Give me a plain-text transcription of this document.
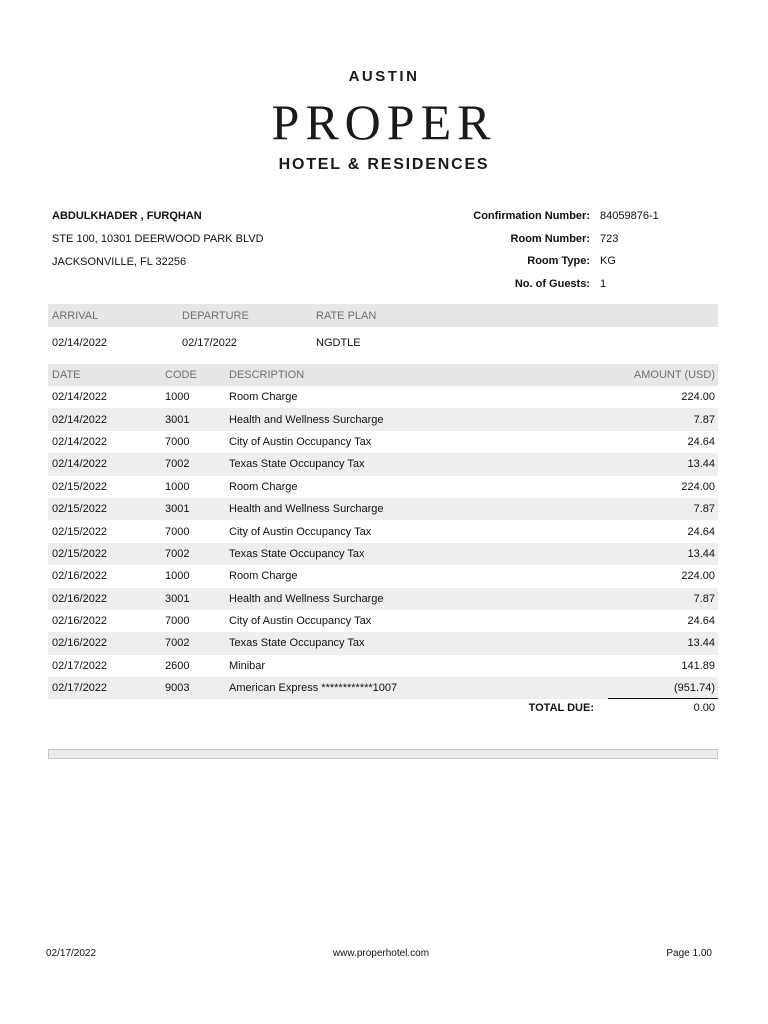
AUSTIN
PROPER
HOTEL & RESIDENCES
ABDULKHADER , FURQHAN
STE 100, 10301 DEERWOOD PARK BLVD
JACKSONVILLE, FL 32256
Confirmation Number: 84059876-1
Room Number: 723
Room Type: KG
No. of Guests: 1
ARRIVAL	DEPARTURE	RATE PLAN
02/14/2022	02/17/2022	NGDTLE
DATE	CODE	DESCRIPTION	AMOUNT (USD)
02/14/2022	1000	Room Charge	224.00
02/14/2022	3001	Health and Wellness Surcharge	7.87
02/14/2022	7000	City of Austin Occupancy Tax	24.64
02/14/2022	7002	Texas State Occupancy Tax	13.44
02/15/2022	1000	Room Charge	224.00
02/15/2022	3001	Health and Wellness Surcharge	7.87
02/15/2022	7000	City of Austin Occupancy Tax	24.64
02/15/2022	7002	Texas State Occupancy Tax	13.44
02/16/2022	1000	Room Charge	224.00
02/16/2022	3001	Health and Wellness Surcharge	7.87
02/16/2022	7000	City of Austin Occupancy Tax	24.64
02/16/2022	7002	Texas State Occupancy Tax	13.44
02/17/2022	2600	Minibar	141.89
02/17/2022	9003	American Express ************1007	(951.74)
TOTAL DUE:	0.00
02/17/2022	www.properhotel.com	Page 1.00
